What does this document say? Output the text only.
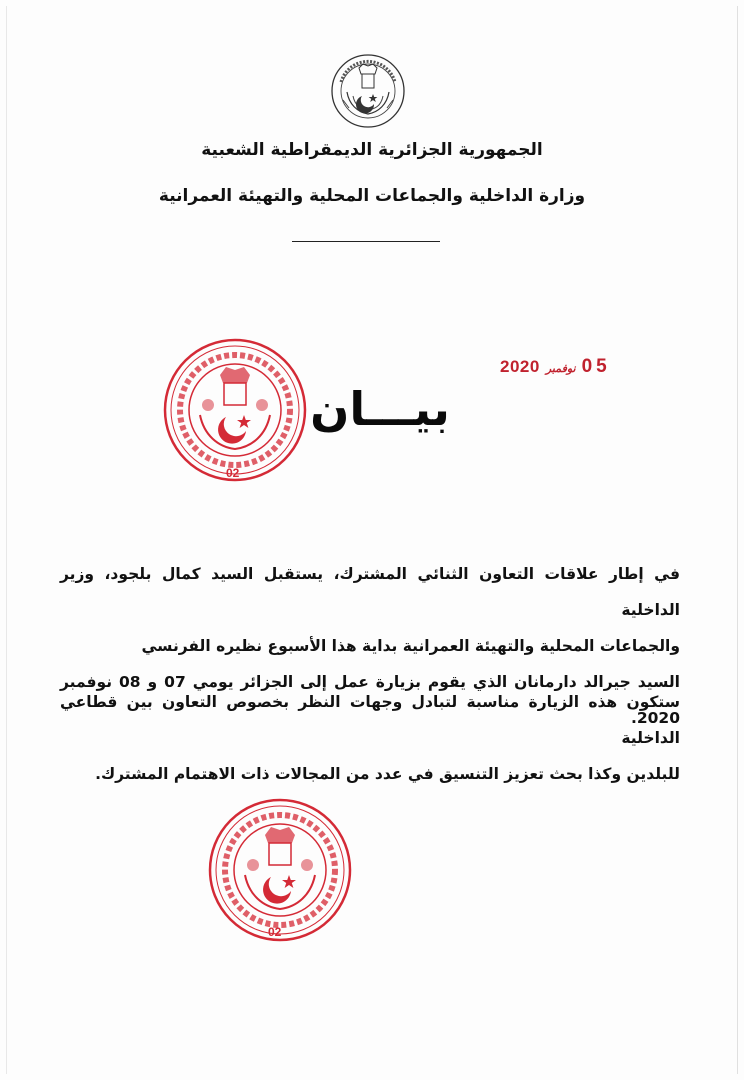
الجمهورية الجزائرية الديمقراطية الشعبية
وزارة الداخلية والجماعات المحلية والتهيئة العمرانية
02
2020 نوفمبر 05
بيـــان
في إطار علاقات التعاون الثنائي المشترك، يستقبل السيد كمال بلجود، وزير الداخلية
والجماعات المحلية والتهيئة العمرانية بداية هذا الأسبوع نظيره الفرنسي
السيد جيرالد دارمانان الذي يقوم بزيارة عمل إلى الجزائر يومي 07 و 08 نوفمبر 2020.
ستكون هذه الزيارة مناسبة لتبادل وجهات النظر بخصوص التعاون بين قطاعي الداخلية
للبلدين وكذا بحث تعزيز التنسيق في عدد من المجالات ذات الاهتمام المشترك.
02
